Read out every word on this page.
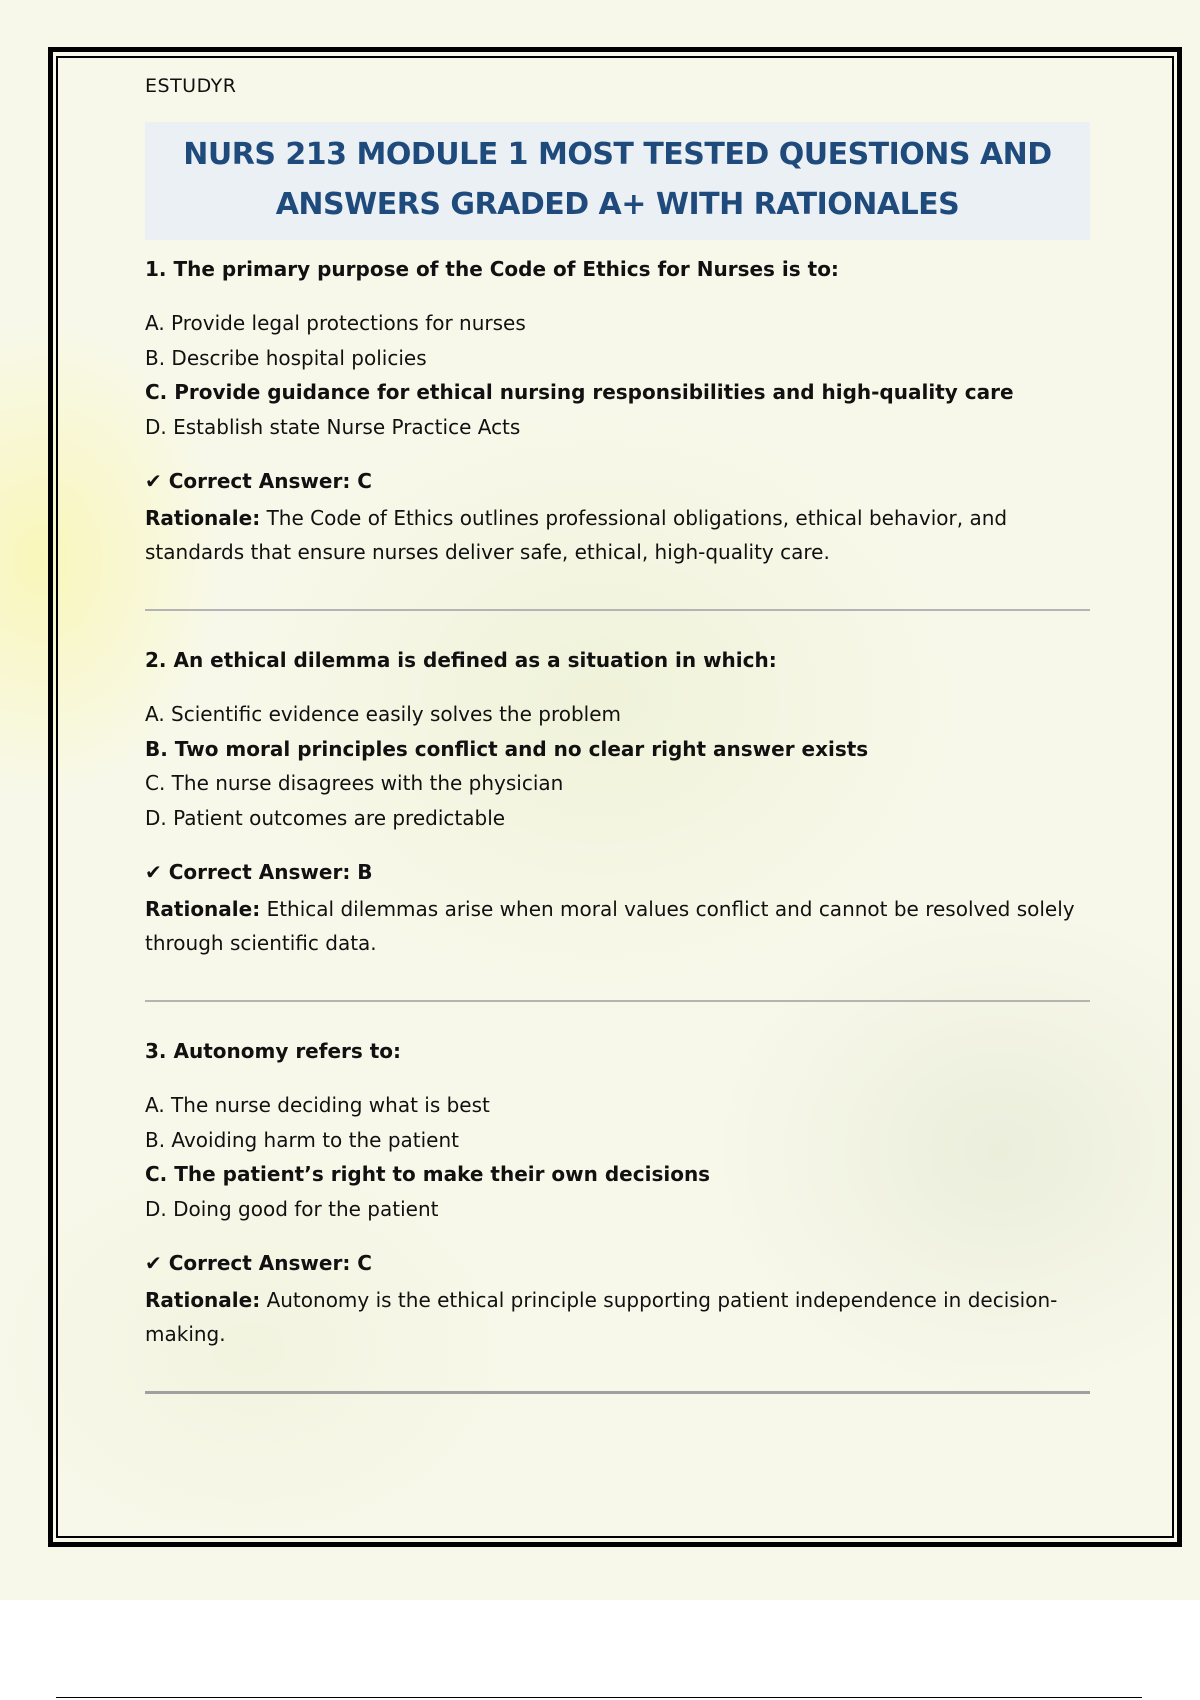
ESTUDYR

NURS 213 MODULE 1 MOST TESTED QUESTIONS AND

ANSWERS GRADED A+ WITH RATIONALES

1. The primary purpose of the Code of Ethics for Nurses is to:

A. Provide legal protections for nurses
B. Describe hospital policies
C. Provide guidance for ethical nursing responsibilities and high-quality care
D. Establish state Nurse Practice Acts

✔ Correct Answer: C

Rationale: The Code of Ethics outlines professional obligations, ethical behavior, and standards that ensure nurses deliver safe, ethical, high-quality care.

2. An ethical dilemma is defined as a situation in which:

A. Scientific evidence easily solves the problem
B. Two moral principles conflict and no clear right answer exists
C. The nurse disagrees with the physician
D. Patient outcomes are predictable

✔ Correct Answer: B

Rationale: Ethical dilemmas arise when moral values conflict and cannot be resolved solely through scientific data.

3. Autonomy refers to:

A. The nurse deciding what is best
B. Avoiding harm to the patient
C. The patient’s right to make their own decisions
D. Doing good for the patient

✔ Correct Answer: C

Rationale: Autonomy is the ethical principle supporting patient independence in decision-making.
